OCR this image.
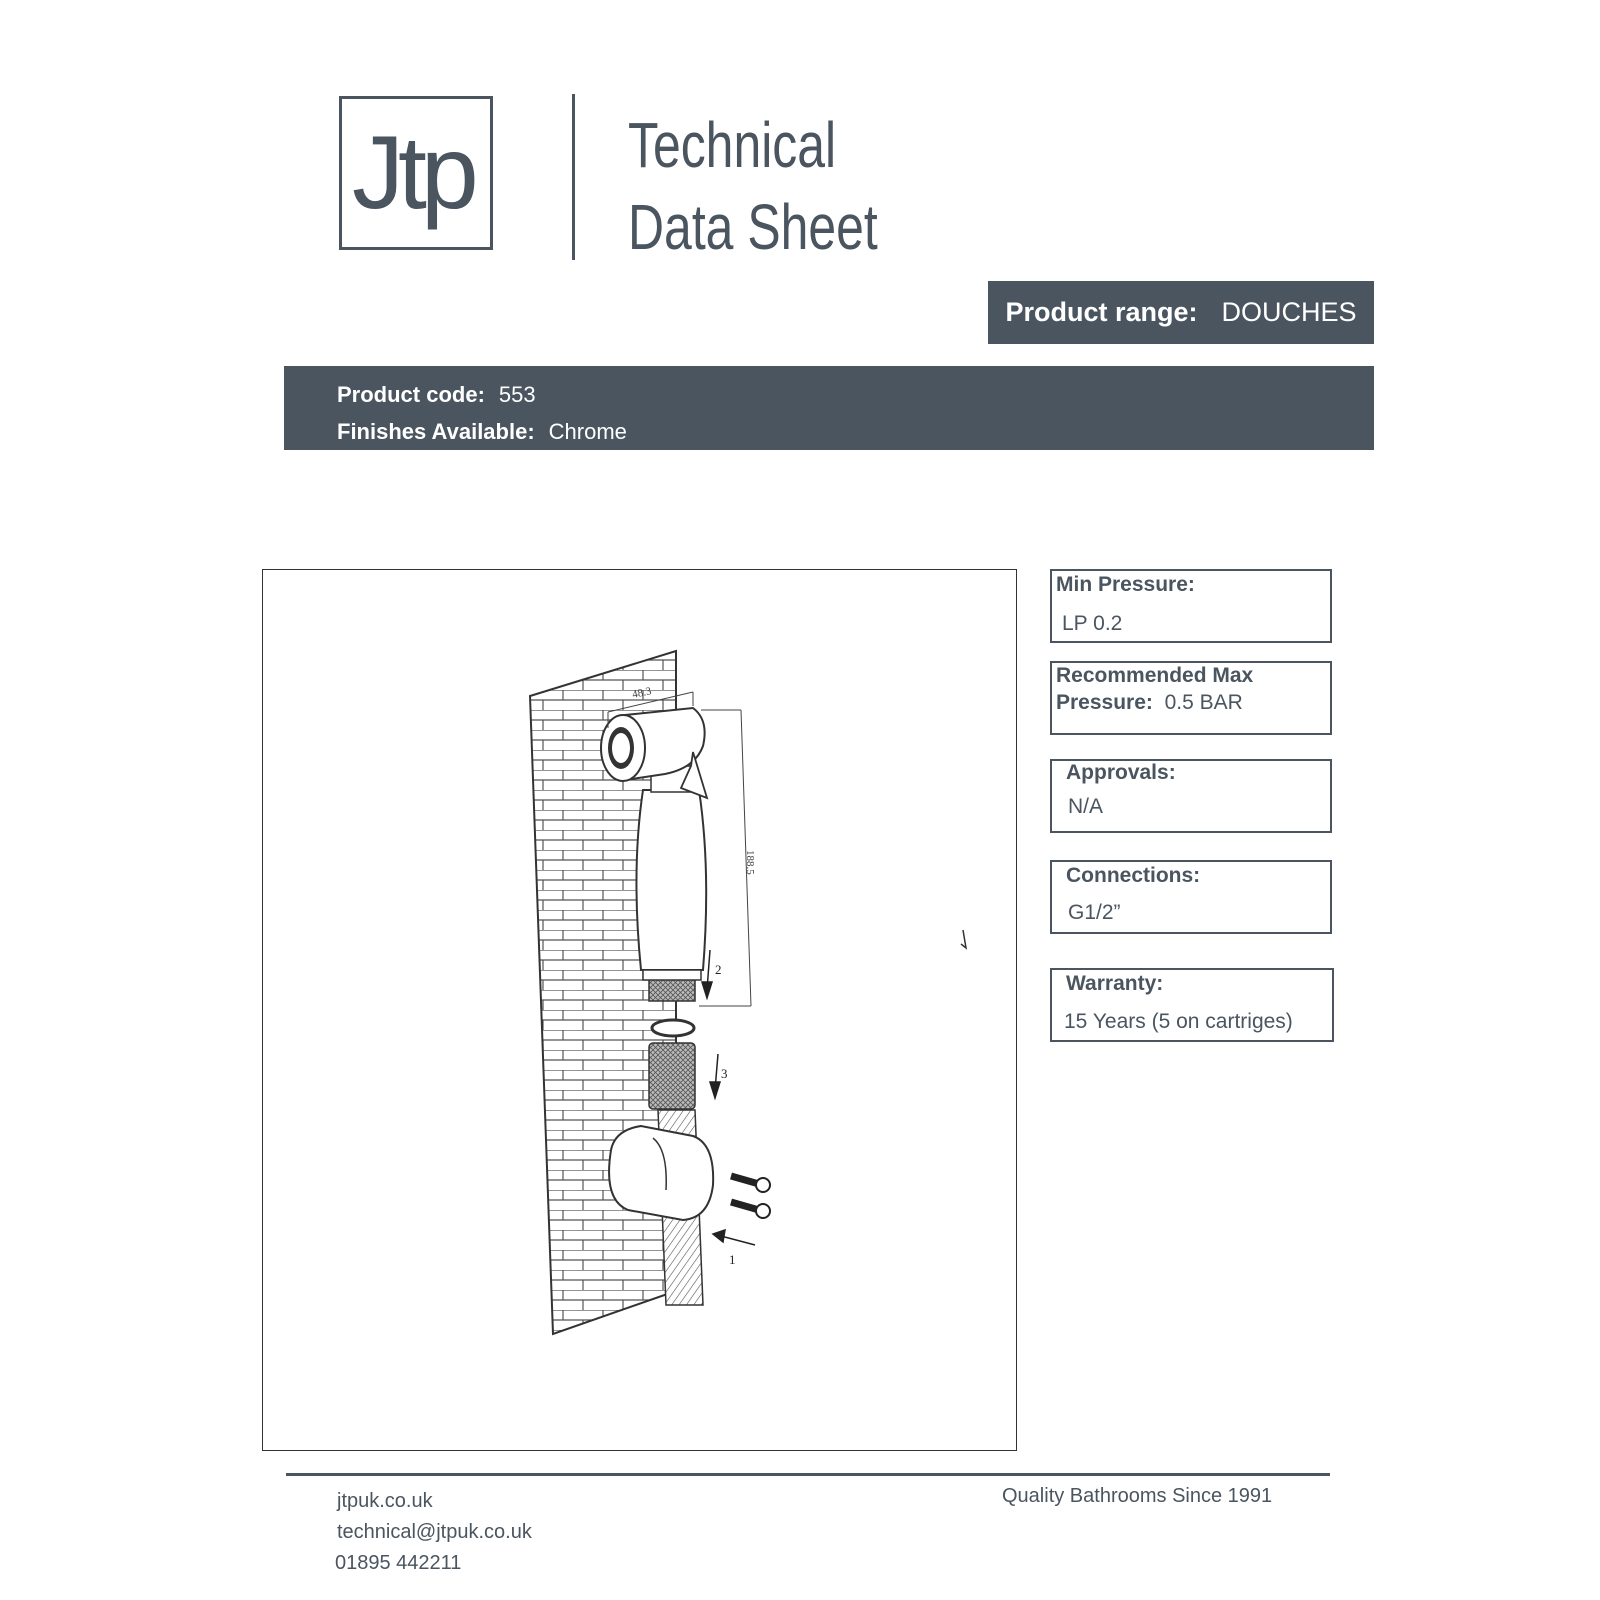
Jtp	Technical
Data Sheet
Product range: DOUCHES
Product code: 553
Finishes Available: Chrome
48.3
188.5
2
3
1
Min Pressure:
LP 0.2
Recommended Max
Pressure: 0.5 BAR
Approvals:
N/A
Connections:
G1/2”
Warranty:
15 Years (5 on cartriges)
jtpuk.co.uk
technical@jtpuk.co.uk
01895 442211
Quality Bathrooms Since 1991
